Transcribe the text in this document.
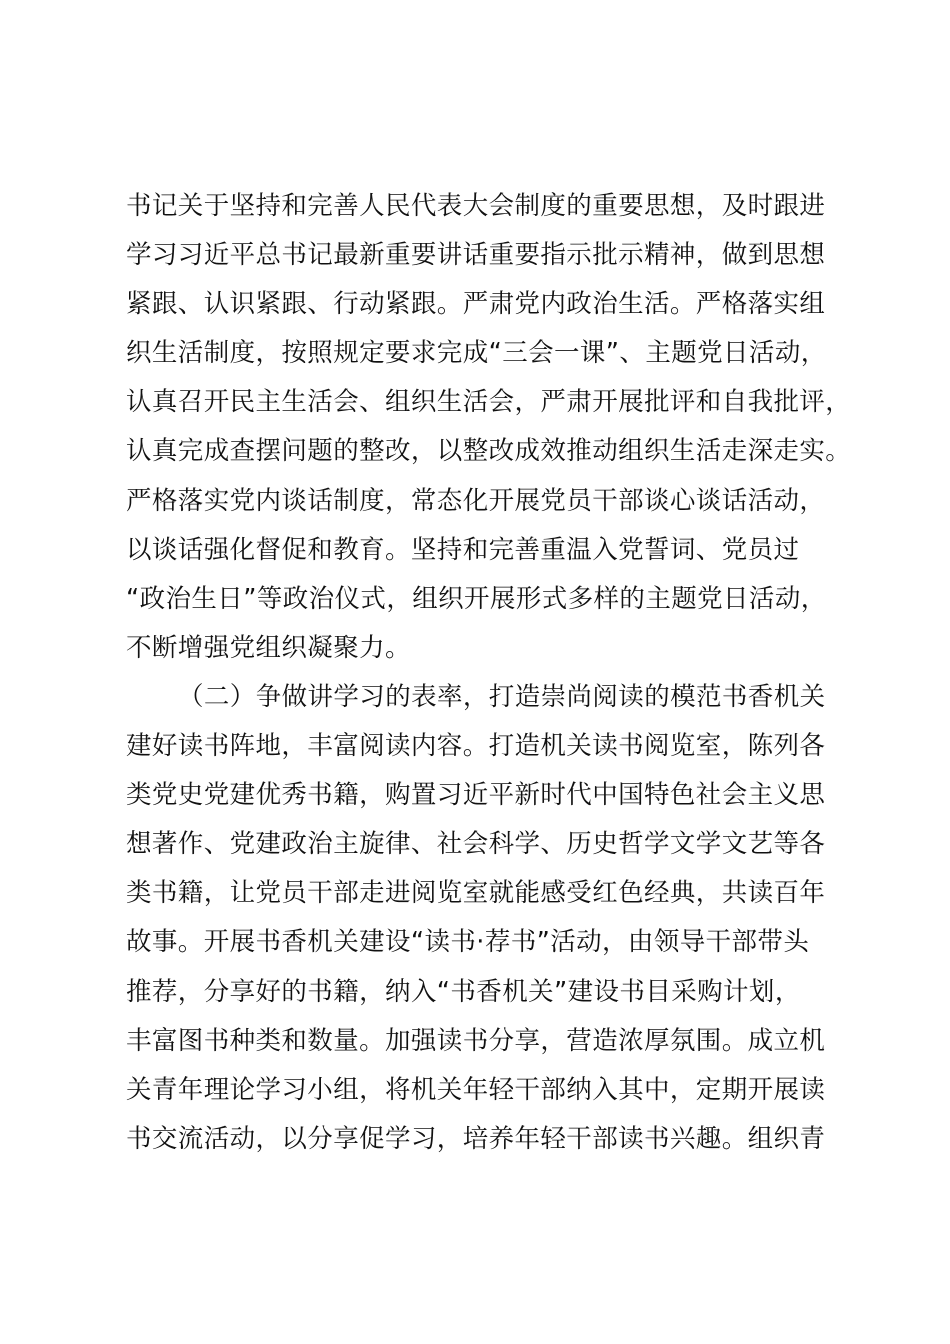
书记关于坚持和完善人民代表大会制度的重要思想，及时跟进
学习习近平总书记最新重要讲话重要指示批示精神，做到思想
紧跟、认识紧跟、行动紧跟。严肃党内政治生活。严格落实组
织生活制度，按照规定要求完成“三会一课”、主题党日活动，
认真召开民主生活会、组织生活会，严肃开展批评和自我批评，
认真完成查摆问题的整改，以整改成效推动组织生活走深走实。
严格落实党内谈话制度，常态化开展党员干部谈心谈话活动，
以谈话强化督促和教育。坚持和完善重温入党誓词、党员过
“政治生日”等政治仪式，组织开展形式多样的主题党日活动，
不断增强党组织凝聚力。
（二）争做讲学习的表率，打造崇尚阅读的模范书香机关
建好读书阵地，丰富阅读内容。打造机关读书阅览室，陈列各
类党史党建优秀书籍，购置习近平新时代中国特色社会主义思
想著作、党建政治主旋律、社会科学、历史哲学文学文艺等各
类书籍，让党员干部走进阅览室就能感受红色经典，共读百年
故事。开展书香机关建设“读书·荐书”活动，由领导干部带头
推荐，分享好的书籍，纳入“书香机关”建设书目采购计划，
丰富图书种类和数量。加强读书分享，营造浓厚氛围。成立机
关青年理论学习小组，将机关年轻干部纳入其中，定期开展读
书交流活动，以分享促学习，培养年轻干部读书兴趣。组织青
